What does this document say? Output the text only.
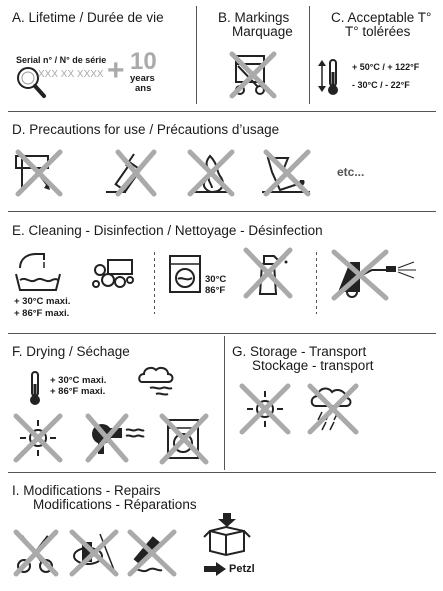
A. Lifetime / Durée de vie	B. Markings
Marquage
C. Acceptable T°
T° tolérées
Serial n° / N° de série
XXX XX XXXX + 10
years
ans
+ 50°C / + 122°F
- 30°C / - 22°F
D. Precautions for use / Précautions d’usage
etc...
E. Cleaning - Disinfection / Nettoyage - Désinfection
+ 30°C maxi.
+ 86°F maxi.
30°C
86°F
F. Drying / Séchage	G. Storage - Transport
Stockage - transport
+ 30°C maxi.
+ 86°F maxi.
I. Modifications - Repairs
Modifications - Réparations
Petzl
